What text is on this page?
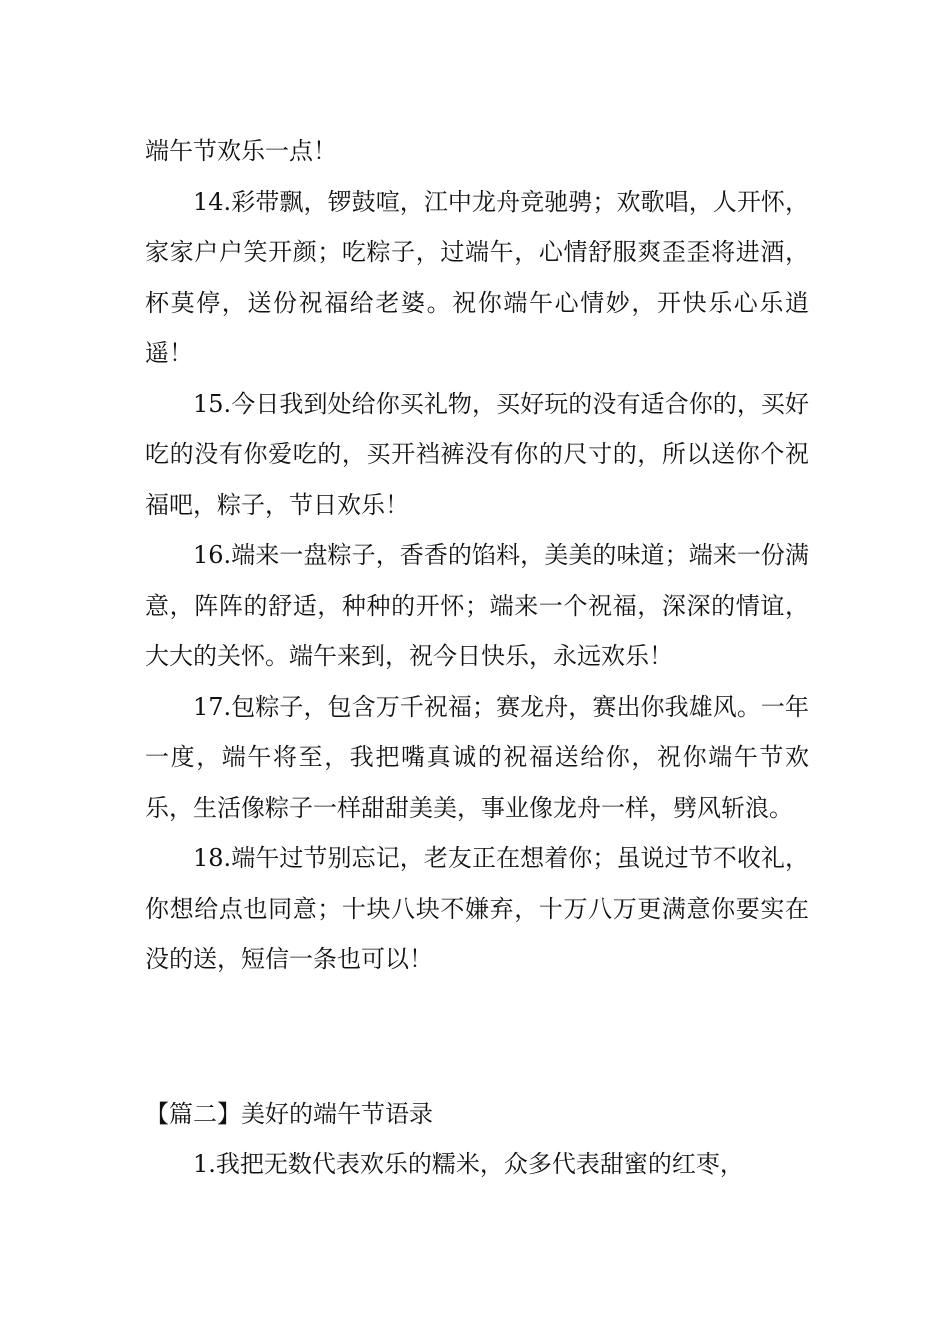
端午节欢乐一点！

14.彩带飘，锣鼓喧，江中龙舟竞驰骋；欢歌唱，人开怀，家家户户笑开颜；吃粽子，过端午，心情舒服爽歪歪将进酒，杯莫停，送份祝福给老婆。祝你端午心情妙，开快乐心乐逍遥！

15.今日我到处给你买礼物，买好玩的没有适合你的，买好吃的没有你爱吃的，买开裆裤没有你的尺寸的，所以送你个祝福吧，粽子，节日欢乐！

16.端来一盘粽子，香香的馅料，美美的味道；端来一份满意，阵阵的舒适，种种的开怀；端来一个祝福，深深的情谊，大大的关怀。端午来到，祝今日快乐，永远欢乐！

17.包粽子，包含万千祝福；赛龙舟，赛出你我雄风。一年一度，端午将至，我把嘴真诚的祝福送给你，祝你端午节欢乐，生活像粽子一样甜甜美美，事业像龙舟一样，劈风斩浪。

18.端午过节别忘记，老友正在想着你；虽说过节不收礼，你想给点也同意；十块八块不嫌弃，十万八万更满意你要实在没的送，短信一条也可以！

【篇二】美好的端午节语录

1.我把无数代表欢乐的糯米，众多代表甜蜜的红枣，
